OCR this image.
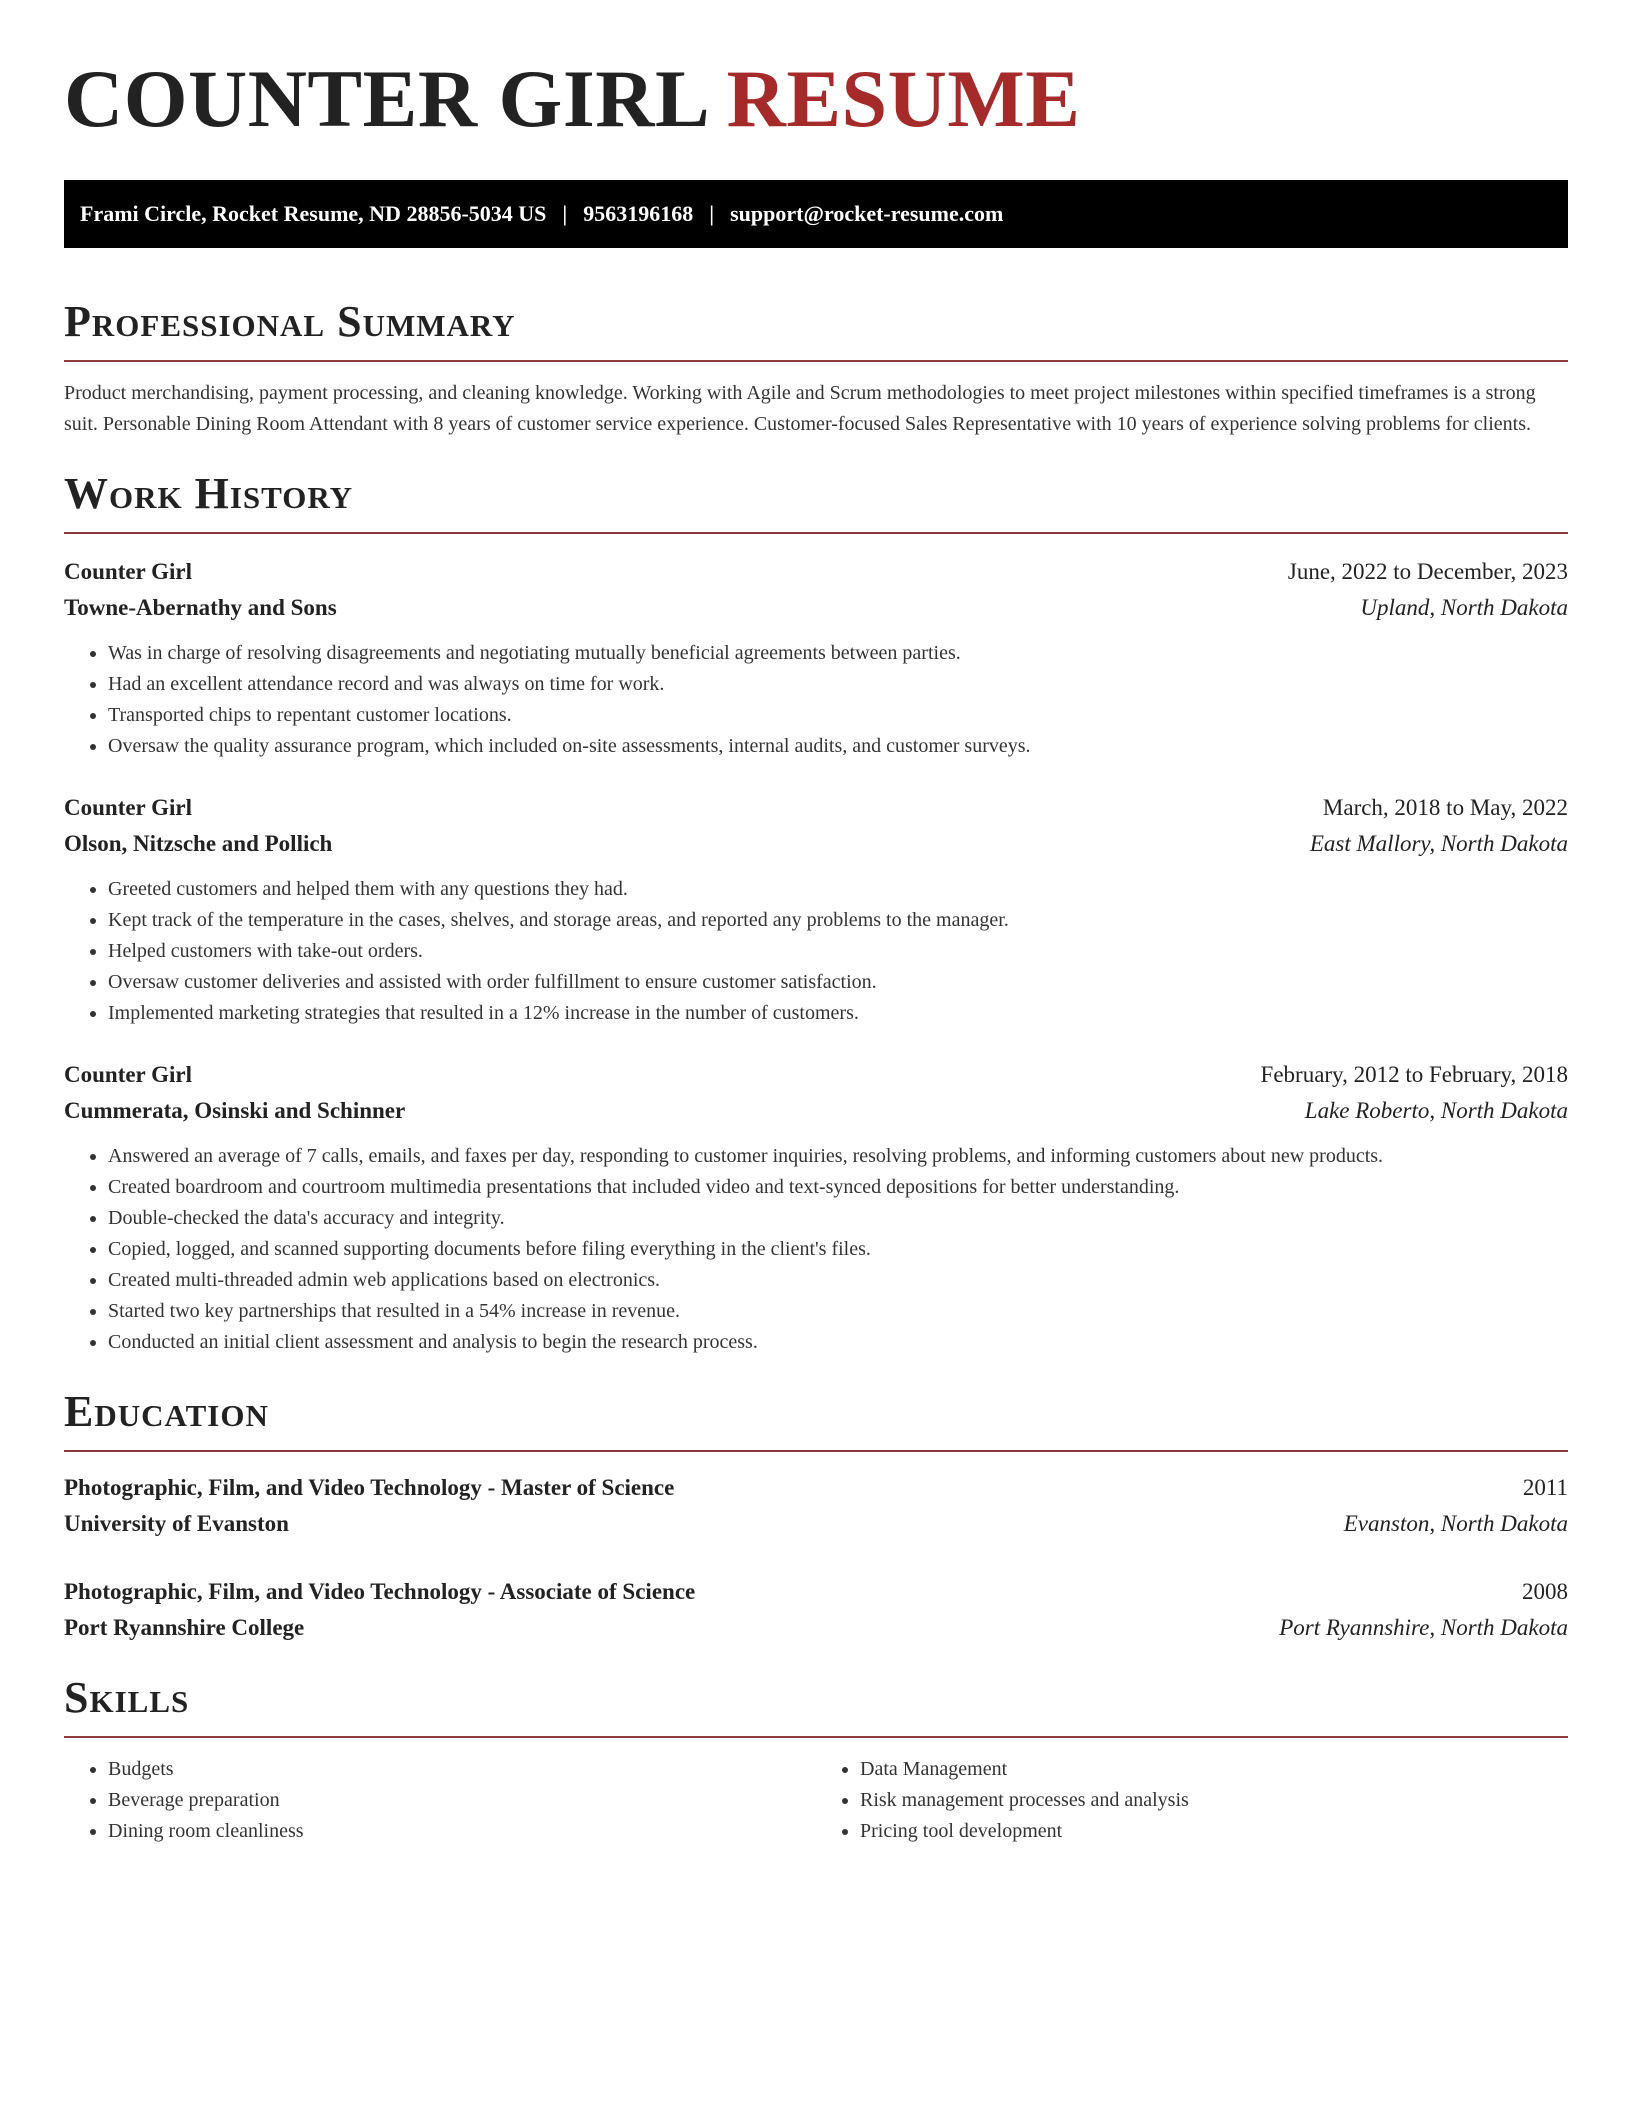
COUNTER GIRL RESUME
Frami Circle, Rocket Resume, ND 28856-5034 US | 9563196168 | support@rocket-resume.com
Professional Summary

Product merchandising, payment processing, and cleaning knowledge. Working with Agile and Scrum methodologies to meet project milestones within specified timeframes is a strong suit. Personable Dining Room Attendant with 8 years of customer service experience. Customer-focused Sales Representative with 10 years of experience solving problems for clients.

Work History
Counter Girl	June, 2022 to December, 2023
Towne-Abernathy and Sons	Upland, North Dakota
• Was in charge of resolving disagreements and negotiating mutually beneficial agreements between parties.
• Had an excellent attendance record and was always on time for work.
• Transported chips to repentant customer locations.
• Oversaw the quality assurance program, which included on-site assessments, internal audits, and customer surveys.
Counter Girl	March, 2018 to May, 2022
Olson, Nitzsche and Pollich	East Mallory, North Dakota
• Greeted customers and helped them with any questions they had.
• Kept track of the temperature in the cases, shelves, and storage areas, and reported any problems to the manager.
• Helped customers with take-out orders.
• Oversaw customer deliveries and assisted with order fulfillment to ensure customer satisfaction.
• Implemented marketing strategies that resulted in a 12% increase in the number of customers.
Counter Girl	February, 2012 to February, 2018
Cummerata, Osinski and Schinner	Lake Roberto, North Dakota
• Answered an average of 7 calls, emails, and faxes per day, responding to customer inquiries, resolving problems, and informing customers about new products.
• Created boardroom and courtroom multimedia presentations that included video and text-synced depositions for better understanding.
• Double-checked the data's accuracy and integrity.
• Copied, logged, and scanned supporting documents before filing everything in the client's files.
• Created multi-threaded admin web applications based on electronics.
• Started two key partnerships that resulted in a 54% increase in revenue.
• Conducted an initial client assessment and analysis to begin the research process.
Education
Photographic, Film, and Video Technology - Master of Science	2011
University of Evanston	Evanston, North Dakota
Photographic, Film, and Video Technology - Associate of Science	2008
Port Ryannshire College	Port Ryannshire, North Dakota
Skills
• Budgets
• Beverage preparation
• Dining room cleanliness
• Data Management
• Risk management processes and analysis
• Pricing tool development
